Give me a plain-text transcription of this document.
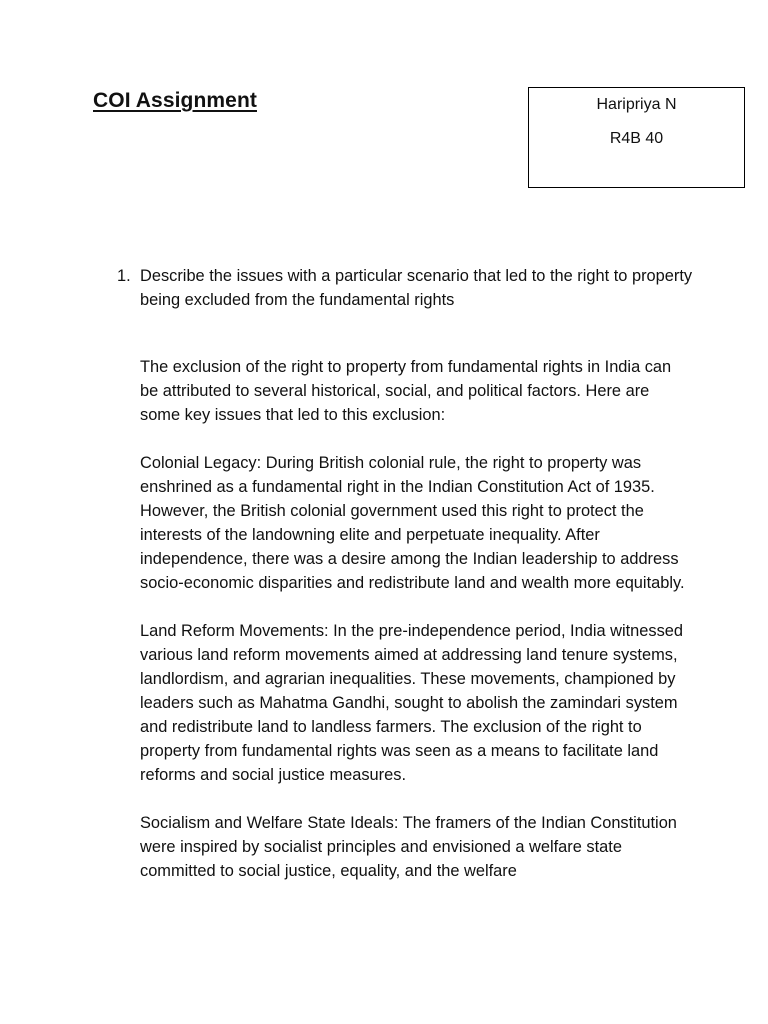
COI Assignment	Haripriya N
R4B 40
1. Describe the issues with a particular scenario that led to the right to property being excluded from the fundamental rights

The exclusion of the right to property from fundamental rights in India can be attributed to several historical, social, and political factors. Here are some key issues that led to this exclusion:

Colonial Legacy: During British colonial rule, the right to property was enshrined as a fundamental right in the Indian Constitution Act of 1935. However, the British colonial government used this right to protect the interests of the landowning elite and perpetuate inequality. After independence, there was a desire among the Indian leadership to address socio-economic disparities and redistribute land and wealth more equitably.

Land Reform Movements: In the pre-independence period, India witnessed various land reform movements aimed at addressing land tenure systems, landlordism, and agrarian inequalities. These movements, championed by leaders such as Mahatma Gandhi, sought to abolish the zamindari system and redistribute land to landless farmers. The exclusion of the right to property from fundamental rights was seen as a means to facilitate land reforms and social justice measures.

Socialism and Welfare State Ideals: The framers of the Indian Constitution were inspired by socialist principles and envisioned a welfare state committed to social justice, equality, and the welfare
